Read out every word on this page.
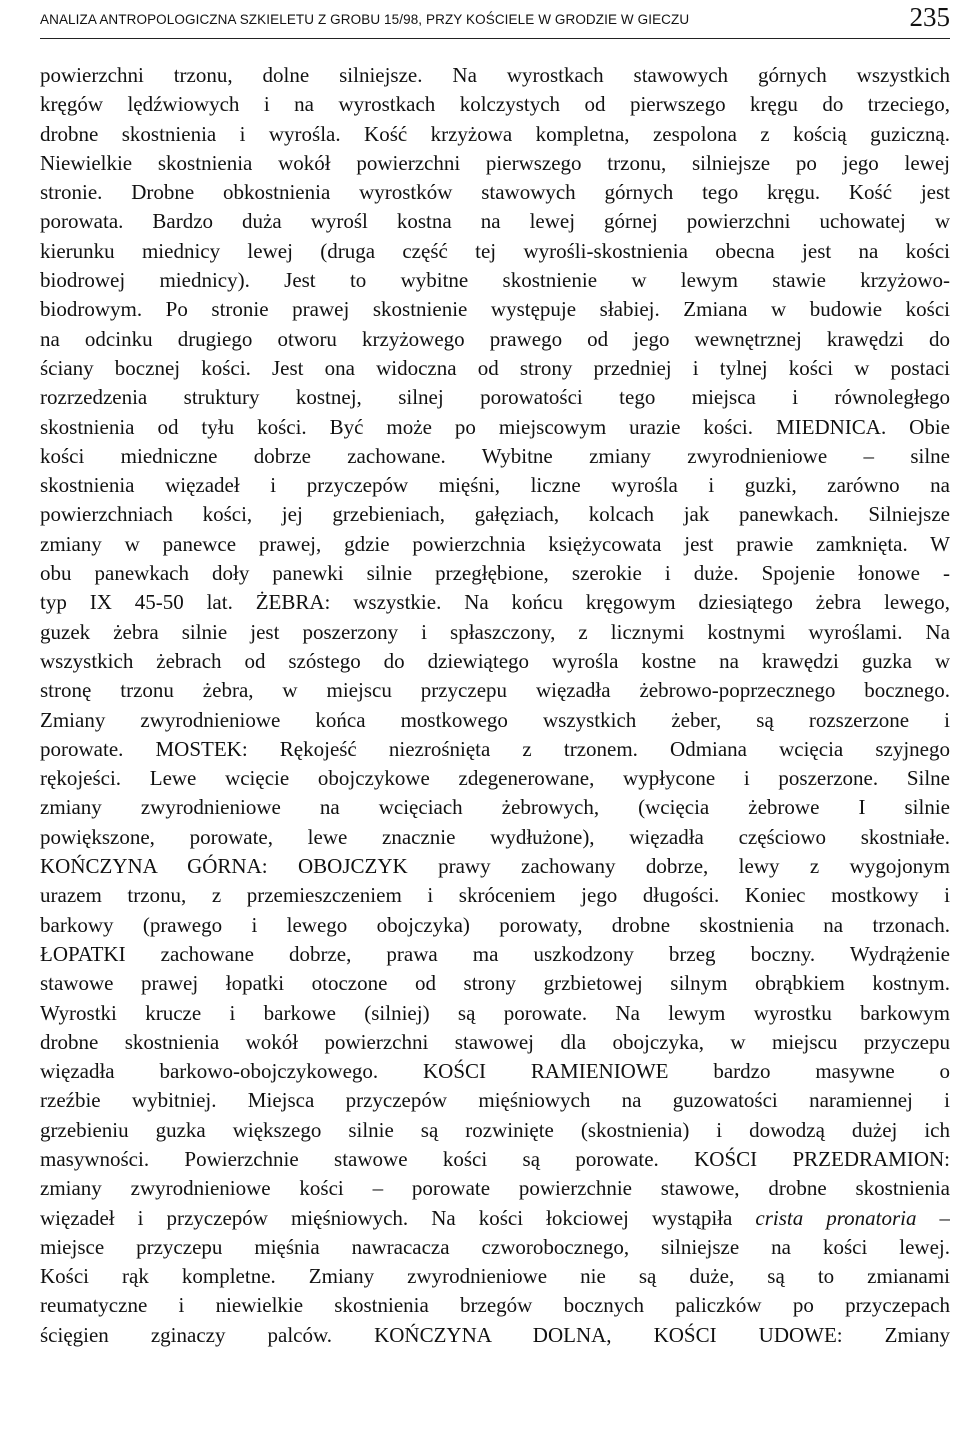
ANALIZA ANTROPOLOGICZNA SZKIELETU Z GROBU 15/98, PRZY KOŚCIELE W GRODZIE W GIECZU	235
powierzchni trzonu, dolne silniejsze. Na wyrostkach stawowych górnych wszystkich
kręgów lędźwiowych i na wyrostkach kolczystych od pierwszego kręgu do trzeciego,
drobne skostnienia i wyrośla. Kość krzyżowa kompletna, zespolona z kością guziczną.
Niewielkie skostnienia wokół powierzchni pierwszego trzonu, silniejsze po jego lewej
stronie. Drobne obkostnienia wyrostków stawowych górnych tego kręgu. Kość jest
porowata. Bardzo duża wyrośl kostna na lewej górnej powierzchni uchowatej w
kierunku miednicy lewej (druga część tej wyrośli-skostnienia obecna jest na kości
biodrowej miednicy). Jest to wybitne skostnienie w lewym stawie krzyżowo-
biodrowym. Po stronie prawej skostnienie występuje słabiej. Zmiana w budowie kości
na odcinku drugiego otworu krzyżowego prawego od jego wewnętrznej krawędzi do
ściany bocznej kości. Jest ona widoczna od strony przedniej i tylnej kości w postaci
rozrzedzenia struktury kostnej, silnej porowatości tego miejsca i równoległego
skostnienia od tyłu kości. Być może po miejscowym urazie kości. MIEDNICA. Obie
kości miedniczne dobrze zachowane. Wybitne zmiany zwyrodnieniowe – silne
skostnienia więzadeł i przyczepów mięśni, liczne wyrośla i guzki, zarówno na
powierzchniach kości, jej grzebieniach, gałęziach, kolcach jak panewkach. Silniejsze
zmiany w panewce prawej, gdzie powierzchnia księżycowata jest prawie zamknięta. W
obu panewkach doły panewki silnie przegłębione, szerokie i duże. Spojenie łonowe -
typ IX 45-50 lat. ŻEBRA: wszystkie. Na końcu kręgowym dziesiątego żebra lewego,
guzek żebra silnie jest poszerzony i spłaszczony, z licznymi kostnymi wyroślami. Na
wszystkich żebrach od szóstego do dziewiątego wyrośla kostne na krawędzi guzka w
stronę trzonu żebra, w miejscu przyczepu więzadła żebrowo-poprzecznego bocznego.
Zmiany zwyrodnieniowe końca mostkowego wszystkich żeber, są rozszerzone i
porowate. MOSTEK: Rękojeść niezrośnięta z trzonem. Odmiana wcięcia szyjnego
rękojeści. Lewe wcięcie obojczykowe zdegenerowane, wypłycone i poszerzone. Silne
zmiany zwyrodnieniowe na wcięciach żebrowych, (wcięcia żebrowe I silnie
powiększone, porowate, lewe znacznie wydłużone), więzadła częściowo skostniałe.
KOŃCZYNA GÓRNA: OBOJCZYK prawy zachowany dobrze, lewy z wygojonym
urazem trzonu, z przemieszczeniem i skróceniem jego długości. Koniec mostkowy i
barkowy (prawego i lewego obojczyka) porowaty, drobne skostnienia na trzonach.
ŁOPATKI zachowane dobrze, prawa ma uszkodzony brzeg boczny. Wydrążenie
stawowe prawej łopatki otoczone od strony grzbietowej silnym obrąbkiem kostnym.
Wyrostki krucze i barkowe (silniej) są porowate. Na lewym wyrostku barkowym
drobne skostnienia wokół powierzchni stawowej dla obojczyka, w miejscu przyczepu
więzadła barkowo-obojczykowego. KOŚCI RAMIENIOWE bardzo masywne o
rzeźbie wybitniej. Miejsca przyczepów mięśniowych na guzowatości naramiennej i
grzebieniu guzka większego silnie są rozwinięte (skostnienia) i dowodzą dużej ich
masywności. Powierzchnie stawowe kości są porowate. KOŚCI PRZEDRAMION:
zmiany zwyrodnieniowe kości – porowate powierzchnie stawowe, drobne skostnienia
więzadeł i przyczepów mięśniowych. Na kości łokciowej wystąpiła crista pronatoria –
miejsce przyczepu mięśnia nawracacza czworobocznego, silniejsze na kości lewej.
Kości rąk kompletne. Zmiany zwyrodnieniowe nie są duże, są to zmianami
reumatyczne i niewielkie skostnienia brzegów bocznych paliczków po przyczepach
ścięgien zginaczy palców. KOŃCZYNA DOLNA, KOŚCI UDOWE: Zmiany
